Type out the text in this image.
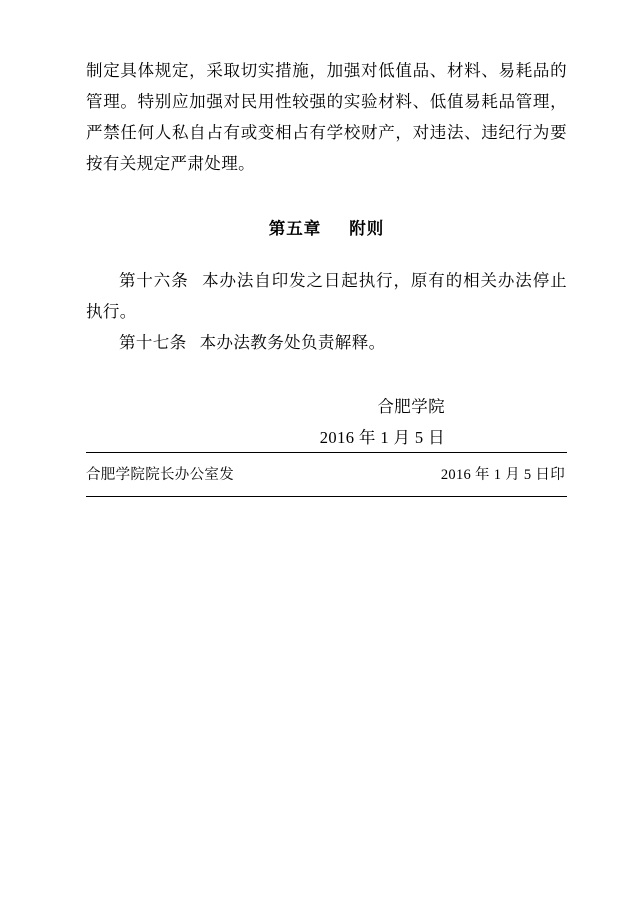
制定具体规定，采取切实措施，加强对低值品、材料、易耗品的管理。特别应加强对民用性较强的实验材料、低值易耗品管理，严禁任何人私自占有或变相占有学校财产，对违法、违纪行为要按有关规定严肃处理。

第五章 附则

第十六条 本办法自印发之日起执行，原有的相关办法停止执行。

第十七条 本办法教务处负责解释。

合肥学院
2016 年 1 月 5 日
合肥学院院长办公室发	2016 年 1 月 5 日印
